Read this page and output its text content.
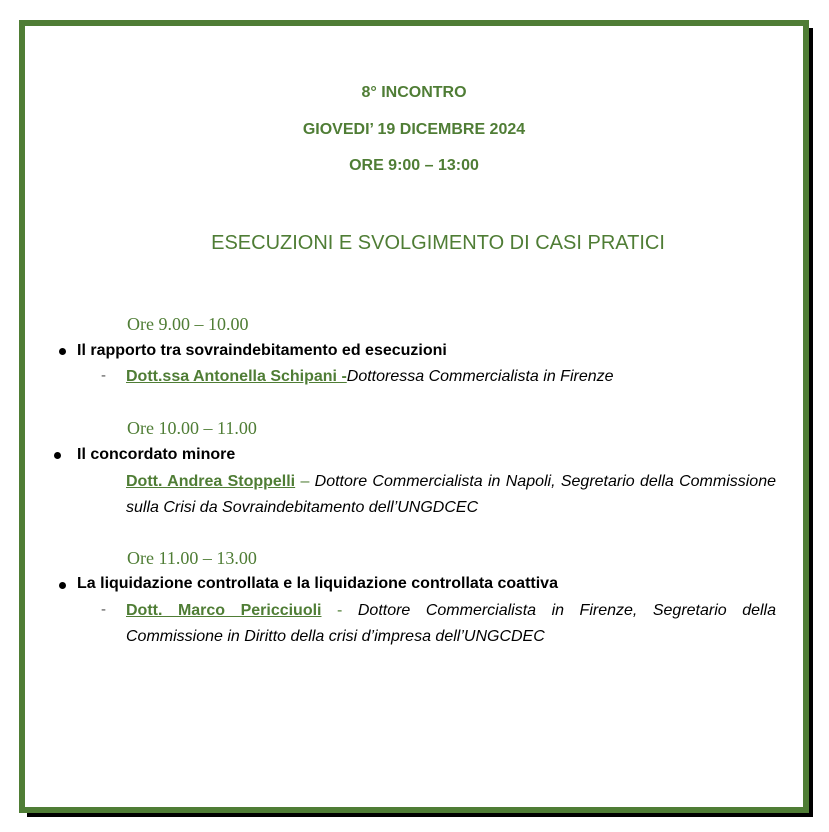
8° INCONTRO
GIOVEDI’ 19 DICEMBRE 2024
ORE 9:00 – 13:00
ESECUZIONI E SVOLGIMENTO DI CASI PRATICI
Ore 9.00 – 10.00
Il rapporto tra sovraindebitamento ed esecuzioni
- Dott.ssa Antonella Schipani -Dottoressa Commercialista in Firenze
Ore 10.00 – 11.00
Il concordato minore
Dott. Andrea Stoppelli – Dottore Commercialista in Napoli, Segretario della Commissione sulla Crisi da Sovraindebitamento dell’UNGDCEC
Ore 11.00 – 13.00
La liquidazione controllata e la liquidazione controllata coattiva
- Dott. Marco Pericciuoli - Dottore Commercialista in Firenze, Segretario della Commissione in Diritto della crisi d’impresa dell’UNGCDEC
